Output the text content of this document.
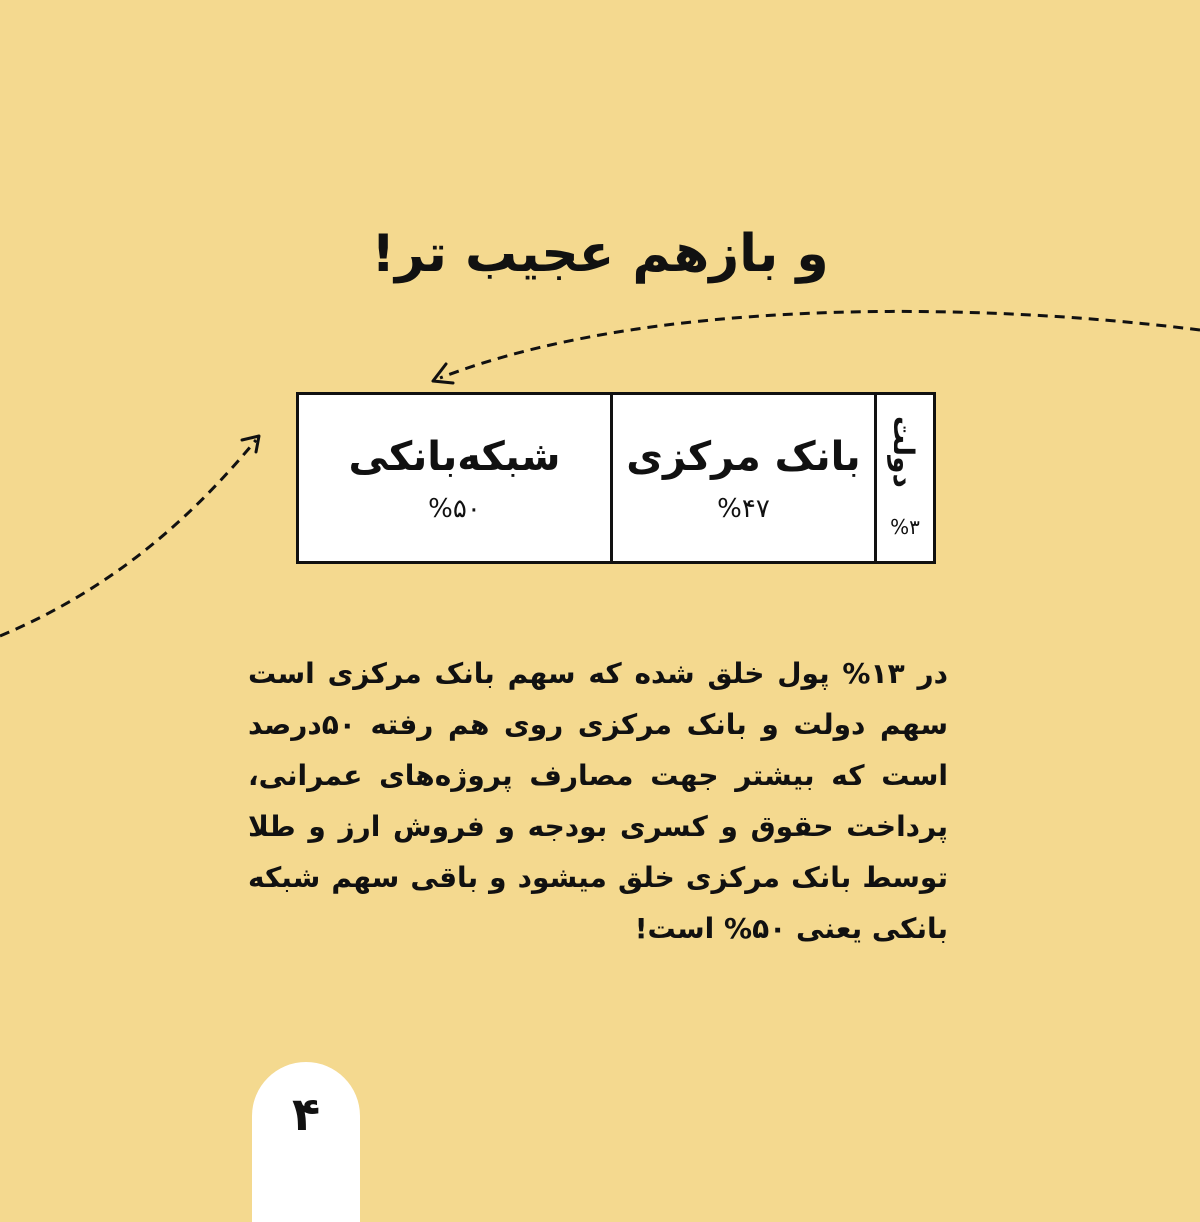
و بازهم عجیب تر!
دولت
%۳
بانک مرکزی
%۴۷
شبکه‌بانکی
%۵۰

در ۱۳% پول خلق شده که سهم بانک مرکزی است سهم دولت و بانک مرکزی روی هم رفته ۵۰درصد است که بیشتر جهت مصارف پروژه‌های عمرانی، پرداخت حقوق و کسری بودجه و فروش ارز و طلا توسط بانک مرکزی خلق میشود و باقی سهم شبکه بانکی یعنی ۵۰% است!

۴
